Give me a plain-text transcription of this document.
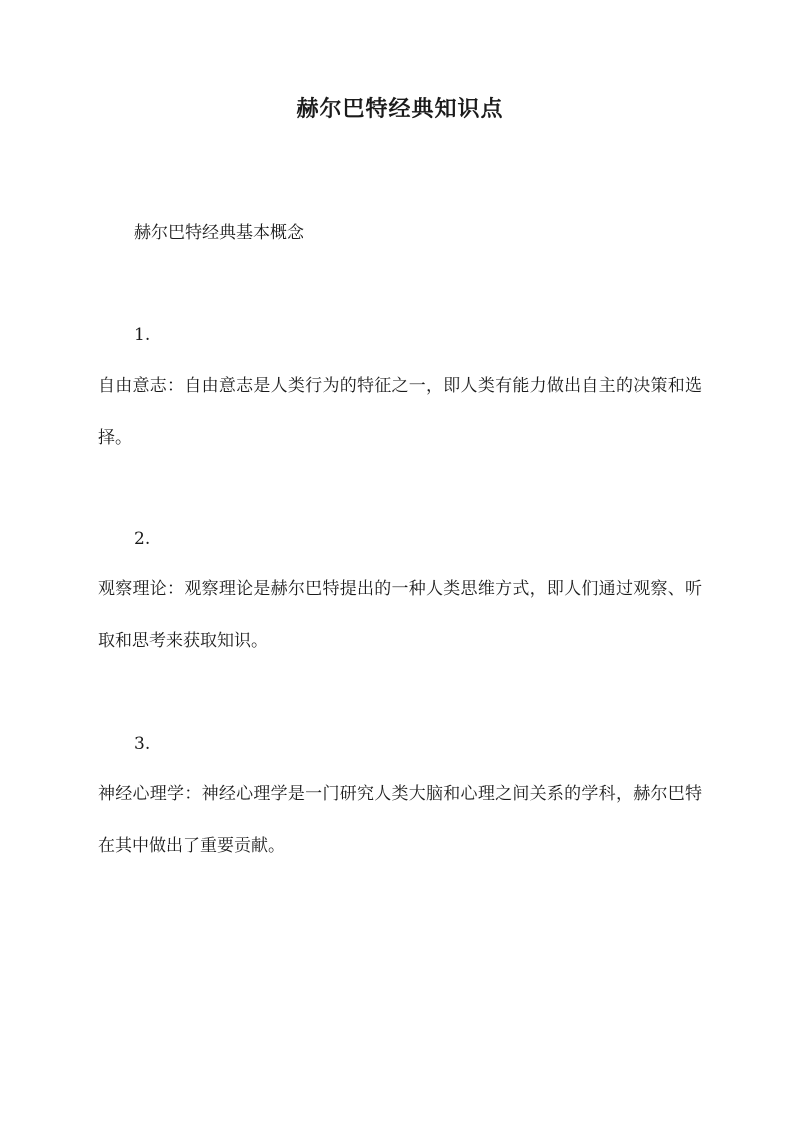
赫尔巴特经典知识点
赫尔巴特经典基本概念
1.
自由意志：自由意志是人类行为的特征之一，即人类有能力做出自主的决策和选择。
2.
观察理论：观察理论是赫尔巴特提出的一种人类思维方式，即人们通过观察、听取和思考来获取知识。
3.
神经心理学：神经心理学是一门研究人类大脑和心理之间关系的学科，赫尔巴特在其中做出了重要贡献。
